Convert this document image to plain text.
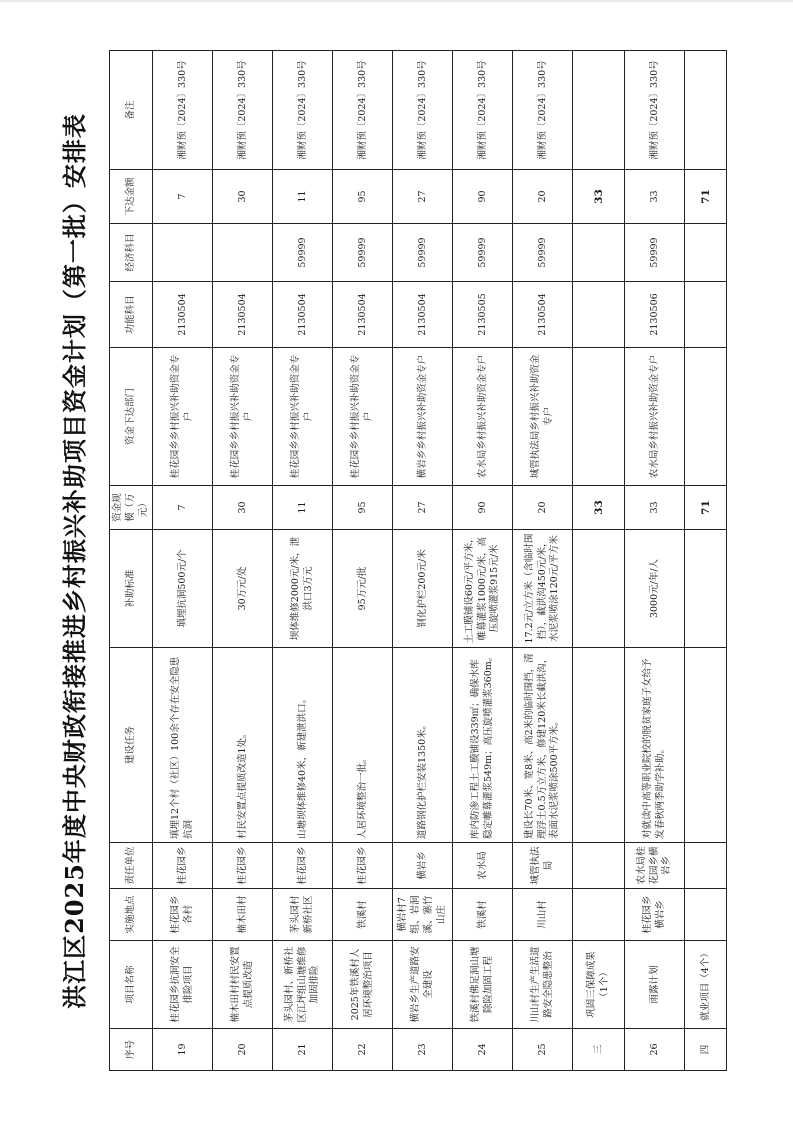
洪江区2025年度中央财政衔接推进乡村振兴补助项目资金计划（第一批）安排表
序号	项目名称	实施地点	责任单位	建设任务	补助标准	资金规模（万元）	资金下达部门	功能科目	经济科目	下达金额	备注
19	桂花园乡抗洞安全排险项目	桂花园乡各村	桂花园乡	填埋12个村（社区）100余个存在安全隐患抗洞	填埋抗洞500元/个	7	桂花园乡乡村振兴补助资金专户	2130504		7	湘财预〔2024〕330号
20	楠木田村村民安置点提质改造	楠木田村	桂花园乡	村民安置点提质改造1处。	30万元/处	30	桂花园乡乡村振兴补助资金专户	2130504		30	湘财预〔2024〕330号
21	茅头园村、新桥社区江坪组山塘维修加固排险	茅头园村新桥社区	桂花园乡	山塘坝体维修40米，新建泄洪口。	坝体维修2000元/米，泄洪口3万元	11	桂花园乡乡村振兴补助资金专户	2130504	59999	11	湘财预〔2024〕330号
22	2025年铁溪村人居环境整治项目	铁溪村	桂花园乡	人居环境整治一批。	95万元/批	95	桂花园乡乡村振兴补助资金专户	2130504	59999	95	湘财预〔2024〕330号
23	横岩乡生产道路安全建设	横岩村7组、岩洞溪、寨竹山庄	横岩乡	道路钢化护栏安装1350米。	钢化护栏200元/米	27	横岩乡乡村振兴补助资金专户	2130504	59999	27	湘财预〔2024〕330号
24	铁溪村佛足洞山塘除险加固工程	铁溪村	农水局	库内防渗工程土工膜铺设339㎡；确保水库稳定帷幕灌浆549m；高压旋喷灌浆360m。	土工膜铺设60元/平方米，帷幕灌浆1000元/米，高压旋喷灌浆915元/米	90	农水局乡村振兴补助资金专户	2130505	59999	90	湘财预〔2024〕330号
25	川山村生产生活道路安全隐患整治	川山村	城管执法局	建设长70米、宽8米、高2米的临时围挡，清理浮土0.5万立方米，修建120米长截洪沟，表面水泥浆喷涂500平方米。	17.2元/立方米（含临时围挡），截洪沟450元/米，水泥浆喷涂120元/平方米	20	城管执法局乡村振兴补助资金专户	2130504	59999	20	湘财预〔2024〕330号
三	巩固三保障成果（1个）					33				33	
26	雨露计划	桂花园乡横岩乡	农水局桂花园乡横岩乡	对就读中高等职业院校的脱贫家庭子女给予发春秋两季助学补助。	3000元/年/人	33	农水局乡村振兴补助资金专户	2130506	59999	33	湘财预〔2024〕330号
四	就业项目（4个）					71				71	
